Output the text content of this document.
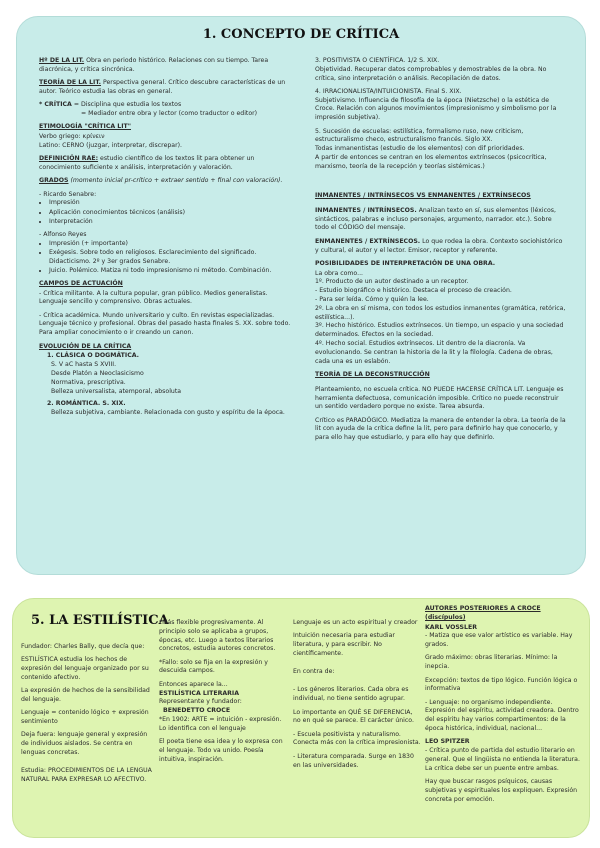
1. CONCEPTO DE CRÍTICA

Hº DE LA LIT. Obra en periodo histórico. Relaciones con su tiempo. Tarea diacrónica, y crítica sincrónica.

TEORÍA DE LA LIT. Perspectiva general. Crítico descubre características de un autor. Teórico estudia las obras en general.

* CRÍTICA = Disciplina que estudia los textos
= Mediador entre obra y lector (como traductor o editor)

ETIMOLOGÍA "CRÍTICA LIT"

Verbo griego: κρίνειν
Latino: CERNO (juzgar, interpretar, discrepar).

DEFINICIÓN RAE: estudio científico de los textos lit para obtener un conocimiento suficiente x análisis, interpretación y valoración.

GRADOS (momento inicial pr-crítico + extraer sentido + final con valoración).

- Ricardo Senabre:
• Impresión
• Aplicación conocimientos técnicos (análisis)
• Interpretación
- Alfonso Reyes
• Impresión (+ importante)
• Exégesis. Sobre todo en religiosos. Esclarecimiento del significado. Didacticismo. 2º y 3er grados Senabre.
• Juicio. Polémico. Matiza ni todo impresionismo ni método. Combinación.
CAMPOS DE ACTUACIÓN

- Crítica militante. A la cultura popular, gran público. Medios generalistas. Lenguaje sencillo y comprensivo. Obras actuales.

- Crítica académica. Mundo universitario y culto. En revistas especializadas. Lenguaje técnico y profesional. Obras del pasado hasta finales S. XX. sobre todo.
Para ampliar conocimiento o ir creando un canon.

EVOLUCIÓN DE LA CRÍTICA
1. CLÁSICA O DOGMÁTICA.
S. V aC hasta S XVIII.
Desde Platón a Neoclasicismo
Normativa, prescriptiva.
Belleza universalista, atemporal, absoluta
2. ROMÁNTICA. S. XIX.
Belleza subjetiva, cambiante. Relacionada con gusto y espíritu de la época.

3. POSITIVISTA O CIENTÍFICA. 1/2 S. XIX.
Objetividad. Recuperar datos comprobables y demostrables de la obra. No crítica, sino interpretación o análisis. Recopilación de datos.

4. IRRACIONALISTA/INTUICIONISTA. Final S. XIX.
Subjetivismo. Influencia de filosofía de la época (Nietzsche) o la estética de Croce. Relación con algunos movimientos (impresionismo y simbolismo por la impresión subjetiva).

5. Sucesión de escuelas: estilística, formalismo ruso, new criticism, estructuralismo checo, estructuralismo francés. Siglo XX.
Todas inmanentistas (estudio de los elementos) con dif prioridades.
A partir de entonces se centran en los elementos extrínsecos (psicocrítica, marxismo, teoría de la recepción y teorías sistémicas.)

INMANENTES / INTRÍNSECOS VS ENMANENTES / EXTRÍNSECOS

INMANENTES / INTRÍNSECOS. Analizan texto en sí, sus elementos (léxicos, sintácticos, palabras e incluso personajes, argumento, narrador. etc.). Sobre todo el CÓDIGO del mensaje.

ENMANENTES / EXTRÍNSECOS. Lo que rodea la obra. Contexto sociohistórico y cultural, el autor y el lector. Emisor, receptor y referente.

POSIBILIDADES DE INTERPRETACIÓN DE UNA OBRA.

La obra como...
1º. Producto de un autor destinado a un receptor.
- Estudio biográfico e histórico. Destaca el proceso de creación.
- Para ser leída. Cómo y quién la lee.
2º. La obra en sí misma, con todos los estudios inmanentes (gramática, retórica, estilística...).
3º. Hecho histórico. Estudios extrínsecos. Un tiempo, un espacio y una sociedad determinados. Efectos en la sociedad.
4º. Hecho social. Estudios extrínsecos. Lit dentro de la diacronía. Va evolucionando. Se centran la historia de la lit y la filología. Cadena de obras, cada una es un eslabón.

TEORÍA DE LA DECONSTRUCCIÓN

Planteamiento, no escuela crítica. NO PUEDE HACERSE CRÍTICA LIT. Lenguaje es herramienta defectuosa, comunicación imposible. Crítico no puede reconstruir un sentido verdadero porque no existe. Tarea absurda.

Crítico es PARADÓGICO. Mediatiza la manera de entender la obra. La teoría de la lit con ayuda de la crítica define la lit, pero para definirlo hay que conocerlo, y para ello hay que estudiarlo, y para ello hay que definirlo.

5. LA ESTILÍSTICA

Fundador: Charles Bally, que decía que:

ESTILÍSTICA estudia los hechos de expresión del lenguaje organizado por su contenido afectivo.

La expresión de hechos de la sensibilidad del lenguaje.

Lenguaje = contenido lógico + expresión sentimiento

Deja fuera: lenguaje general y expresión de individuos aislados. Se centra en lenguas concretas.

Estudia: PROCEDIMIENTOS DE LA LENGUA NATURAL PARA EXPRESAR LO AFECTIVO.

*Más flexible progresivamente. Al principio solo se aplicaba a grupos, épocas, etc. Luego a textos literarios concretos, estudia autores concretos.

*Fallo: solo se fija en la expresión y descuida campos.

Entonces aparece la...
ESTILÍSTICA LITERARIA
Representante y fundador:
BENEDETTO CROCE

*En 1902: ARTE = intuición - expresión.
Lo identifica con el lenguaje

El poeta tiene esa idea y lo expresa con el lenguaje. Todo va unido. Poesía intuitiva, inspiración.

Lenguaje es un acto espiritual y creador

Intuición necesaria para estudiar literatura, y para escribir. No científicamente.

En contra de:

- Los géneros literarios. Cada obra es individual, no tiene sentido agrupar.

Lo importante en QUÉ SE DIFERENCIA, no en qué se parece. El carácter único.

- Escuela positivista y naturalismo. Conecta más con la crítica impresionista.

- Literatura comparada. Surge en 1830 en las universidades.

AUTORES POSTERIORES A CROCE (discípulos)
KARL VOSSLER

- Matiza que ese valor artístico es variable. Hay grados.

Grado máximo: obras literarias. Mínimo: la inepcia.

Excepción: textos de tipo lógico. Función lógica o informativa

- Lenguaje: no organismo independiente. Expresión del espíritu, actividad creadora. Dentro del espíritu hay varios compartimentos: de la época histórica, individual, nacional...

LEO SPITZER

- Crítica punto de partida del estudio literario en general. Que el lingüista no entienda la literatura. La crítica debe ser un puente entre ambas.

Hay que buscar rasgos psíquicos, causas subjetivas y espirituales los expliquen. Expresión concreta por emoción.
